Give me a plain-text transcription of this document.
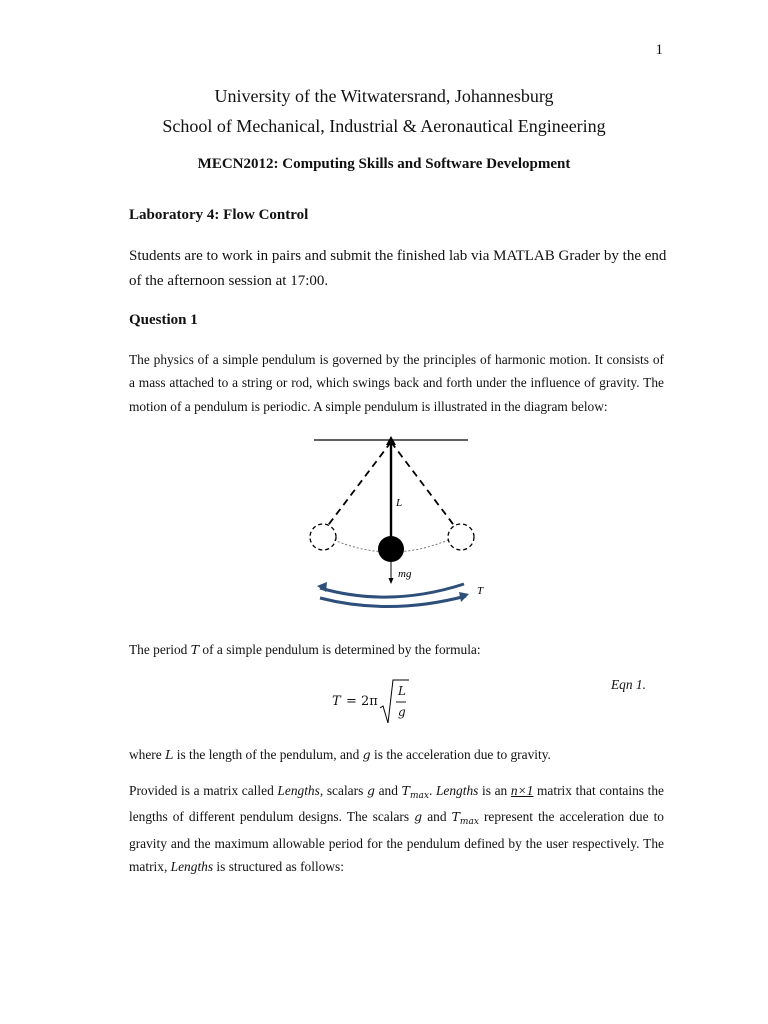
1
University of the Witwatersrand, Johannesburg
School of Mechanical, Industrial & Aeronautical Engineering
MECN2012: Computing Skills and Software Development
Laboratory 4: Flow Control
Students are to work in pairs and submit the finished lab via MATLAB Grader by the end of the afternoon session at 17:00.
Question 1
The physics of a simple pendulum is governed by the principles of harmonic motion. It consists of a mass attached to a string or rod, which swings back and forth under the influence of gravity. The motion of a pendulum is periodic. A simple pendulum is illustrated in the diagram below:
L
mg
T
The period T of a simple pendulum is determined by the formula:
T = 2π
L
g
Eqn 1.
where L is the length of the pendulum, and g is the acceleration due to gravity.
Provided is a matrix called Lengths, scalars g and $T_{max}$. Lengths is an n×1 matrix that contains the lengths of different pendulum designs. The scalars g and $T_{max}$ represent the acceleration due to gravity and the maximum allowable period for the pendulum defined by the user respectively. The matrix, Lengths is structured as follows:
